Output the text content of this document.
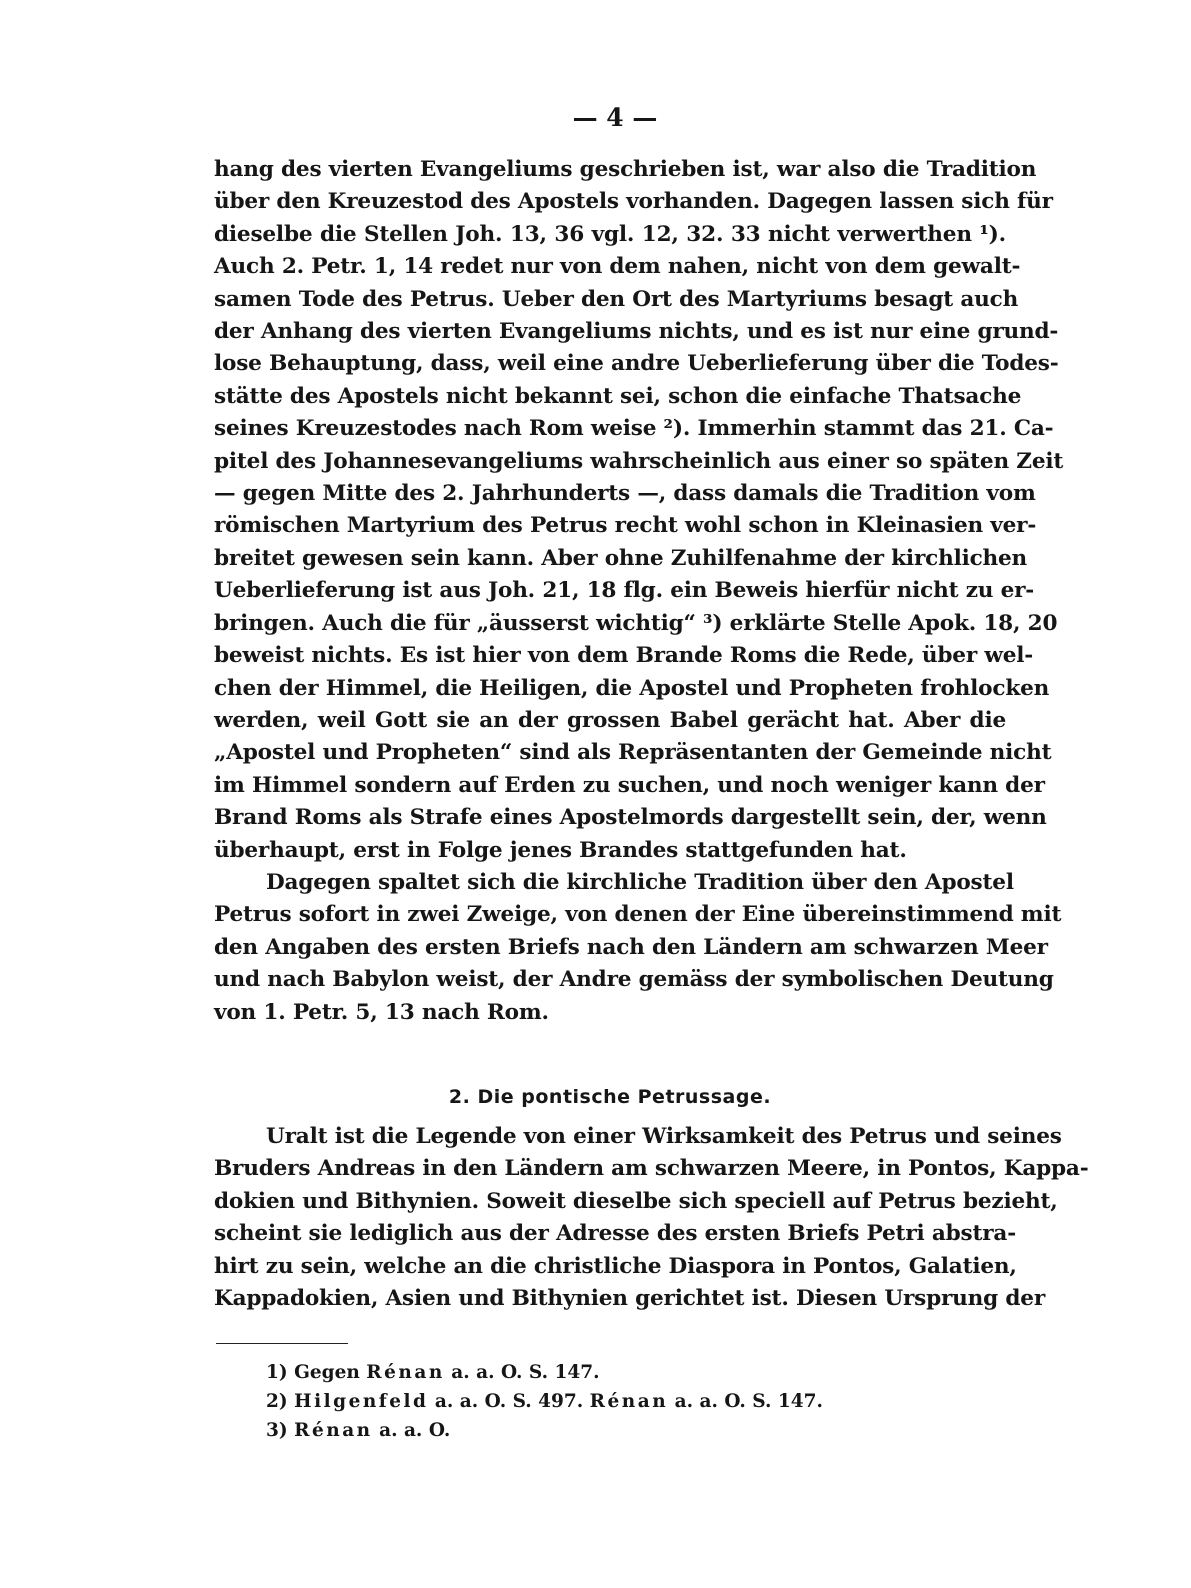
— 4 —
hang des vierten Evangeliums geschrieben ist, war also die Tradition
über den Kreuzestod des Apostels vorhanden. Dagegen lassen sich für
dieselbe die Stellen Joh. 13, 36 vgl. 12, 32. 33 nicht verwerthen ¹).
Auch 2. Petr. 1, 14 redet nur von dem nahen, nicht von dem gewalt-
samen Tode des Petrus. Ueber den Ort des Martyriums besagt auch
der Anhang des vierten Evangeliums nichts, und es ist nur eine grund-
lose Behauptung, dass, weil eine andre Ueberlieferung über die Todes-
stätte des Apostels nicht bekannt sei, schon die einfache Thatsache
seines Kreuzestodes nach Rom weise ²). Immerhin stammt das 21. Ca-
pitel des Johannesevangeliums wahrscheinlich aus einer so späten Zeit
— gegen Mitte des 2. Jahrhunderts —, dass damals die Tradition vom
römischen Martyrium des Petrus recht wohl schon in Kleinasien ver-
breitet gewesen sein kann. Aber ohne Zuhilfenahme der kirchlichen
Ueberlieferung ist aus Joh. 21, 18 flg. ein Beweis hierfür nicht zu er-
bringen. Auch die für „äusserst wichtig“ ³) erklärte Stelle Apok. 18, 20
beweist nichts. Es ist hier von dem Brande Roms die Rede, über wel-
chen der Himmel, die Heiligen, die Apostel und Propheten frohlocken
werden, weil Gott sie an der grossen Babel gerächt hat. Aber die
„Apostel und Propheten“ sind als Repräsentanten der Gemeinde nicht
im Himmel sondern auf Erden zu suchen, und noch weniger kann der
Brand Roms als Strafe eines Apostelmords dargestellt sein, der, wenn
überhaupt, erst in Folge jenes Brandes stattgefunden hat.
Dagegen spaltet sich die kirchliche Tradition über den Apostel
Petrus sofort in zwei Zweige, von denen der Eine übereinstimmend mit
den Angaben des ersten Briefs nach den Ländern am schwarzen Meer
und nach Babylon weist, der Andre gemäss der symbolischen Deutung
von 1. Petr. 5, 13 nach Rom.
2. Die pontische Petrussage.
Uralt ist die Legende von einer Wirksamkeit des Petrus und seines
Bruders Andreas in den Ländern am schwarzen Meere, in Pontos, Kappa-
dokien und Bithynien. Soweit dieselbe sich speciell auf Petrus bezieht,
scheint sie lediglich aus der Adresse des ersten Briefs Petri abstra-
hirt zu sein, welche an die christliche Diaspora in Pontos, Galatien,
Kappadokien, Asien und Bithynien gerichtet ist. Diesen Ursprung der
1) Gegen Rénan a. a. O. S. 147.
2) Hilgenfeld a. a. O. S. 497. Rénan a. a. O. S. 147.
3) Rénan a. a. O.
